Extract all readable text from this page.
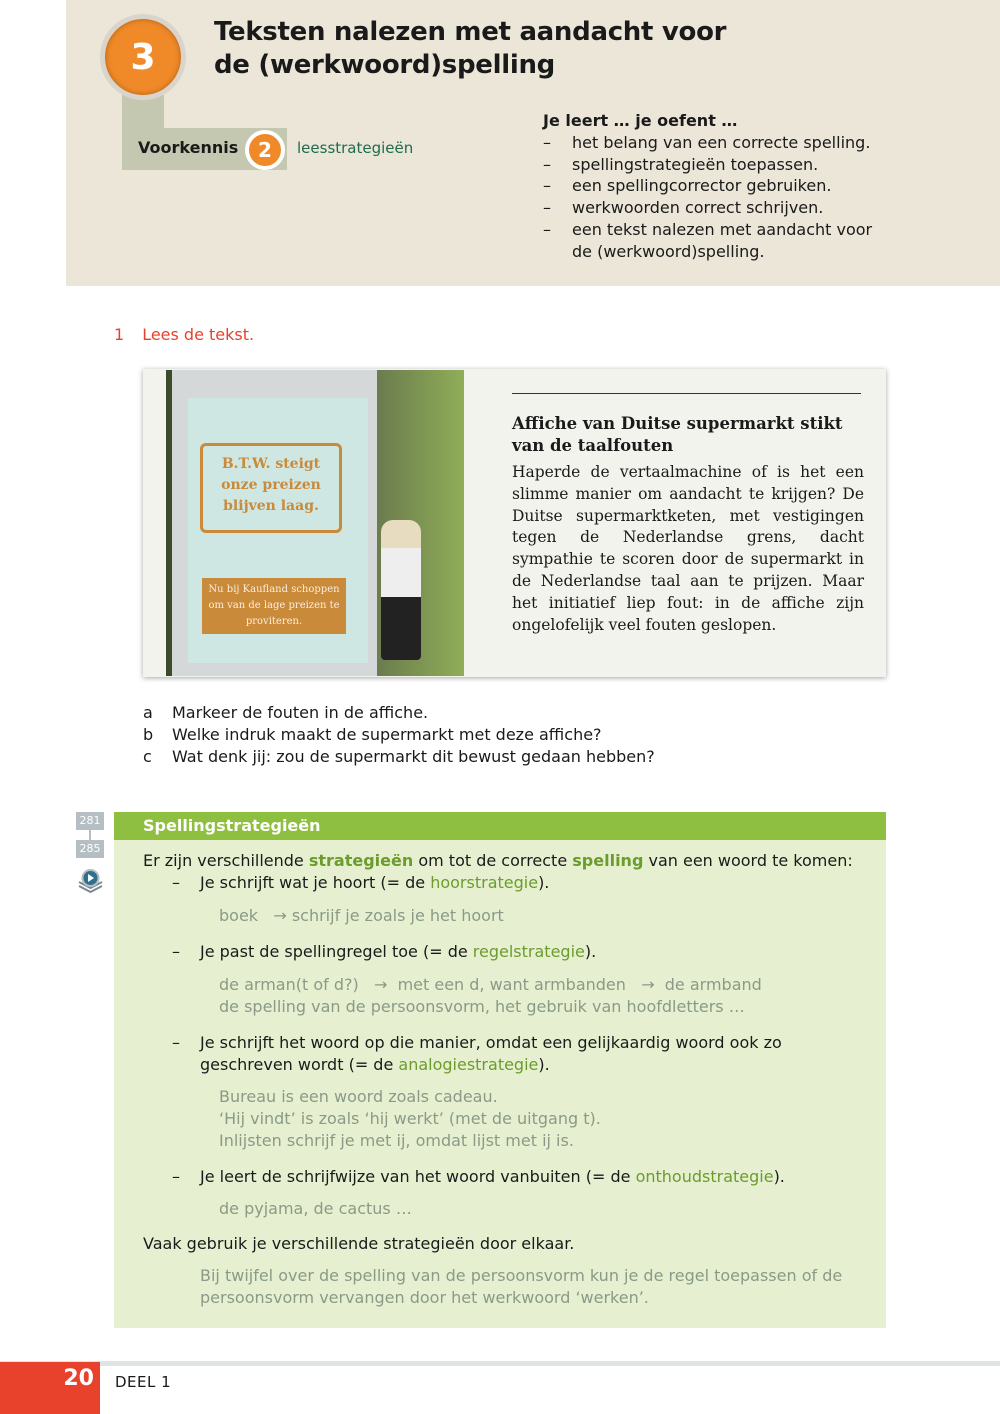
3
Teksten nalezen met aandacht voor
de (werkwoord)spelling
Voorkennis 2	leesstrategieën
Je leert … je oefent …
– het belang van een correcte spelling.
– spellingstrategieën toepassen.
– een spellingcorrector gebruiken.
– werkwoorden correct schrijven.
– een tekst nalezen met aandacht voor de (werkwoord)spelling.
1 Lees de tekst.
B.T.W. steigt onze preizen blijven laag.
Nu bij Kaufland schoppen om van de lage preizen te proviteren.
Affiche van Duitse supermarkt stikt van de taalfouten
Haperde de vertaalmachine of is het een slimme manier om aandacht te krijgen? De Duitse supermarktketen, met vestigingen tegen de Nederlandse grens, dacht sympathie te scoren door de supermarkt in de Nederlandse taal aan te prijzen. Maar het initiatief liep fout: in de affiche zijn ongelofelijk veel fouten geslopen.
a Markeer de fouten in de affiche.
b Welke indruk maakt de supermarkt met deze affiche?
c Wat denk jij: zou de supermarkt dit bewust gedaan hebben?
281
285
Spellingstrategieën
Er zijn verschillende strategieën om tot de correcte spelling van een woord te komen:
– Je schrijft wat je hoort (= de hoorstrategie).
boek → schrijf je zoals je het hoort
– Je past de spellingregel toe (= de regelstrategie).
de arman(t of d?) → met een d, want armbanden → de armband
de spelling van de persoonsvorm, het gebruik van hoofdletters …
– Je schrijft het woord op die manier, omdat een gelijkaardig woord ook zo geschreven wordt (= de analogiestrategie).
Bureau is een woord zoals cadeau.
‘Hij vindt’ is zoals ‘hij werkt’ (met de uitgang t).
Inlijsten schrijf je met ij, omdat lijst met ij is.
– Je leert de schrijfwijze van het woord vanbuiten (= de onthoudstrategie).
de pyjama, de cactus …
Vaak gebruik je verschillende strategieën door elkaar.
Bij twijfel over de spelling van de persoonsvorm kun je de regel toepassen of de persoonsvorm vervangen door het werkwoord ‘werken’.
20	DEEL 1
